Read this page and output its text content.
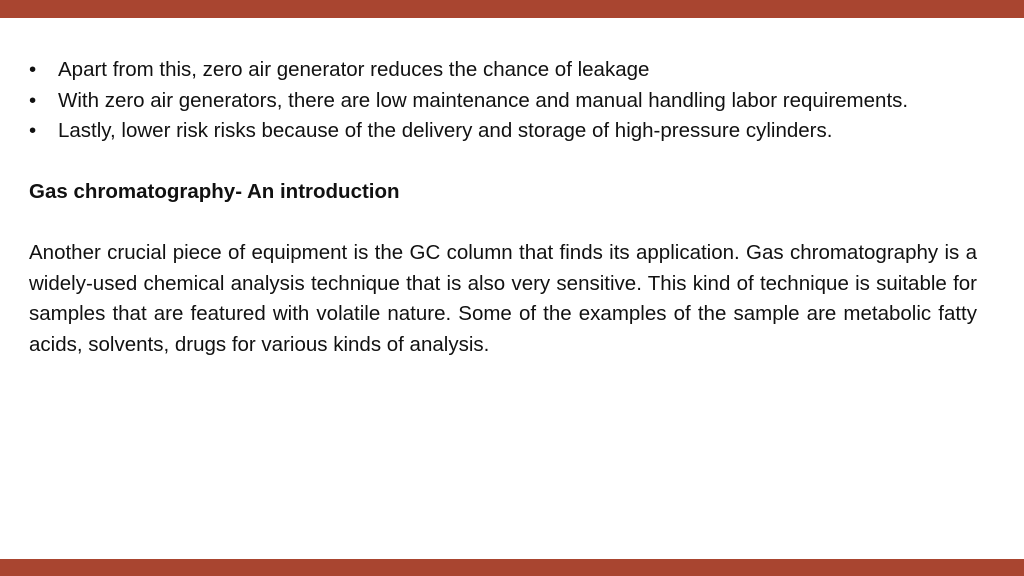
• Apart from this, zero air generator reduces the chance of leakage
• With zero air generators, there are low maintenance and manual handling labor requirements.
• Lastly, lower risk risks because of the delivery and storage of high-pressure cylinders.

Gas chromatography- An introduction

Another crucial piece of equipment is the GC column that finds its application. Gas chromatography is a widely-used chemical analysis technique that is also very sensitive. This kind of technique is suitable for samples that are featured with volatile nature. Some of the examples of the sample are metabolic fatty acids, solvents, drugs for various kinds of analysis.
